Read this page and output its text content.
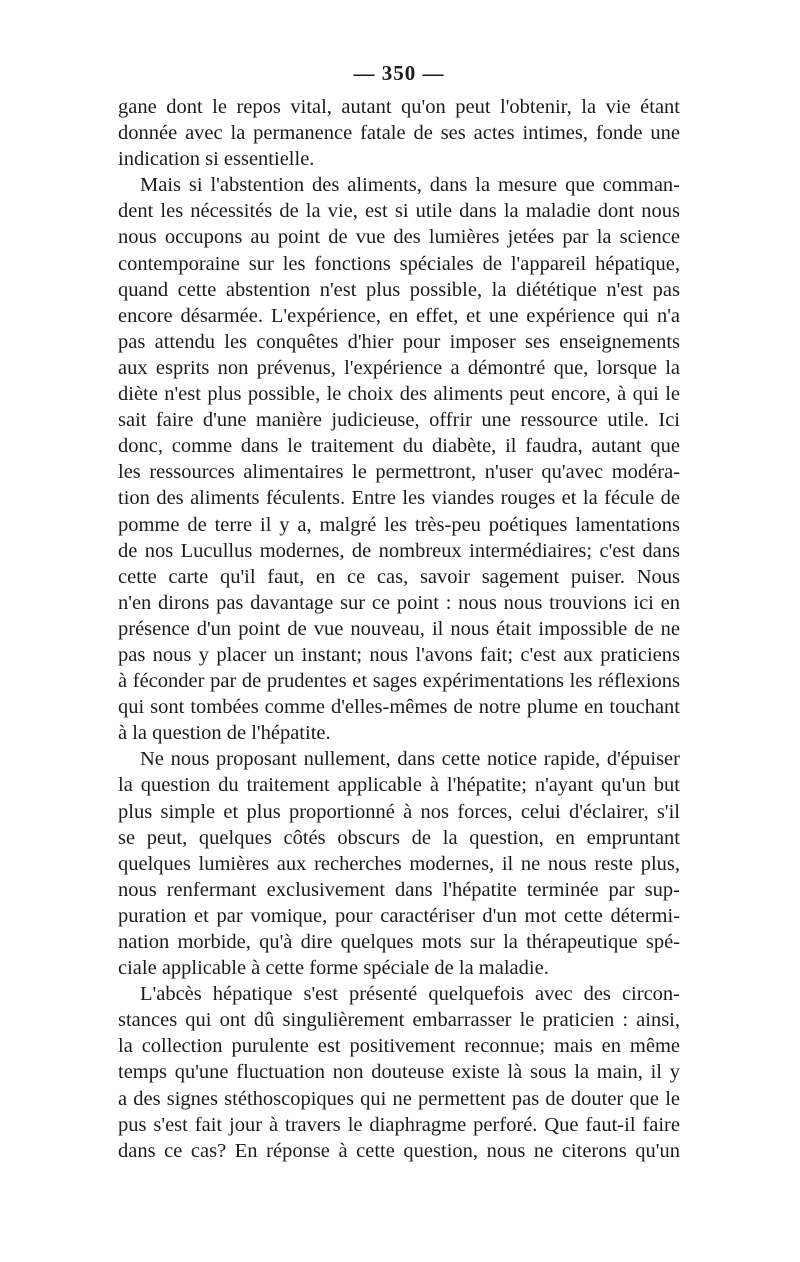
— 350 —
gane dont le repos vital, autant qu'on peut l'obtenir, la vie étant
donnée avec la permanence fatale de ses actes intimes, fonde une
indication si essentielle.
Mais si l'abstention des aliments, dans la mesure que comman-
dent les nécessités de la vie, est si utile dans la maladie dont nous
nous occupons au point de vue des lumières jetées par la science
contemporaine sur les fonctions spéciales de l'appareil hépatique,
quand cette abstention n'est plus possible, la diététique n'est pas
encore désarmée. L'expérience, en effet, et une expérience qui n'a
pas attendu les conquêtes d'hier pour imposer ses enseignements
aux esprits non prévenus, l'expérience a démontré que, lorsque la
diète n'est plus possible, le choix des aliments peut encore, à qui le
sait faire d'une manière judicieuse, offrir une ressource utile. Ici
donc, comme dans le traitement du diabète, il faudra, autant que
les ressources alimentaires le permettront, n'user qu'avec modéra-
tion des aliments féculents. Entre les viandes rouges et la fécule de
pomme de terre il y a, malgré les très-peu poétiques lamentations
de nos Lucullus modernes, de nombreux intermédiaires; c'est dans
cette carte qu'il faut, en ce cas, savoir sagement puiser. Nous
n'en dirons pas davantage sur ce point : nous nous trouvions ici en
présence d'un point de vue nouveau, il nous était impossible de ne
pas nous y placer un instant; nous l'avons fait; c'est aux praticiens
à féconder par de prudentes et sages expérimentations les réflexions
qui sont tombées comme d'elles-mêmes de notre plume en touchant
à la question de l'hépatite.
Ne nous proposant nullement, dans cette notice rapide, d'épuiser
la question du traitement applicable à l'hépatite; n'ayant qu'un but
plus simple et plus proportionné à nos forces, celui d'éclairer, s'il
se peut, quelques côtés obscurs de la question, en empruntant
quelques lumières aux recherches modernes, il ne nous reste plus,
nous renfermant exclusivement dans l'hépatite terminée par sup-
puration et par vomique, pour caractériser d'un mot cette détermi-
nation morbide, qu'à dire quelques mots sur la thérapeutique spé-
ciale applicable à cette forme spéciale de la maladie.
L'abcès hépatique s'est présenté quelquefois avec des circon-
stances qui ont dû singulièrement embarrasser le praticien : ainsi,
la collection purulente est positivement reconnue; mais en même
temps qu'une fluctuation non douteuse existe là sous la main, il y
a des signes stéthoscopiques qui ne permettent pas de douter que le
pus s'est fait jour à travers le diaphragme perforé. Que faut-il faire
dans ce cas? En réponse à cette question, nous ne citerons qu'un
